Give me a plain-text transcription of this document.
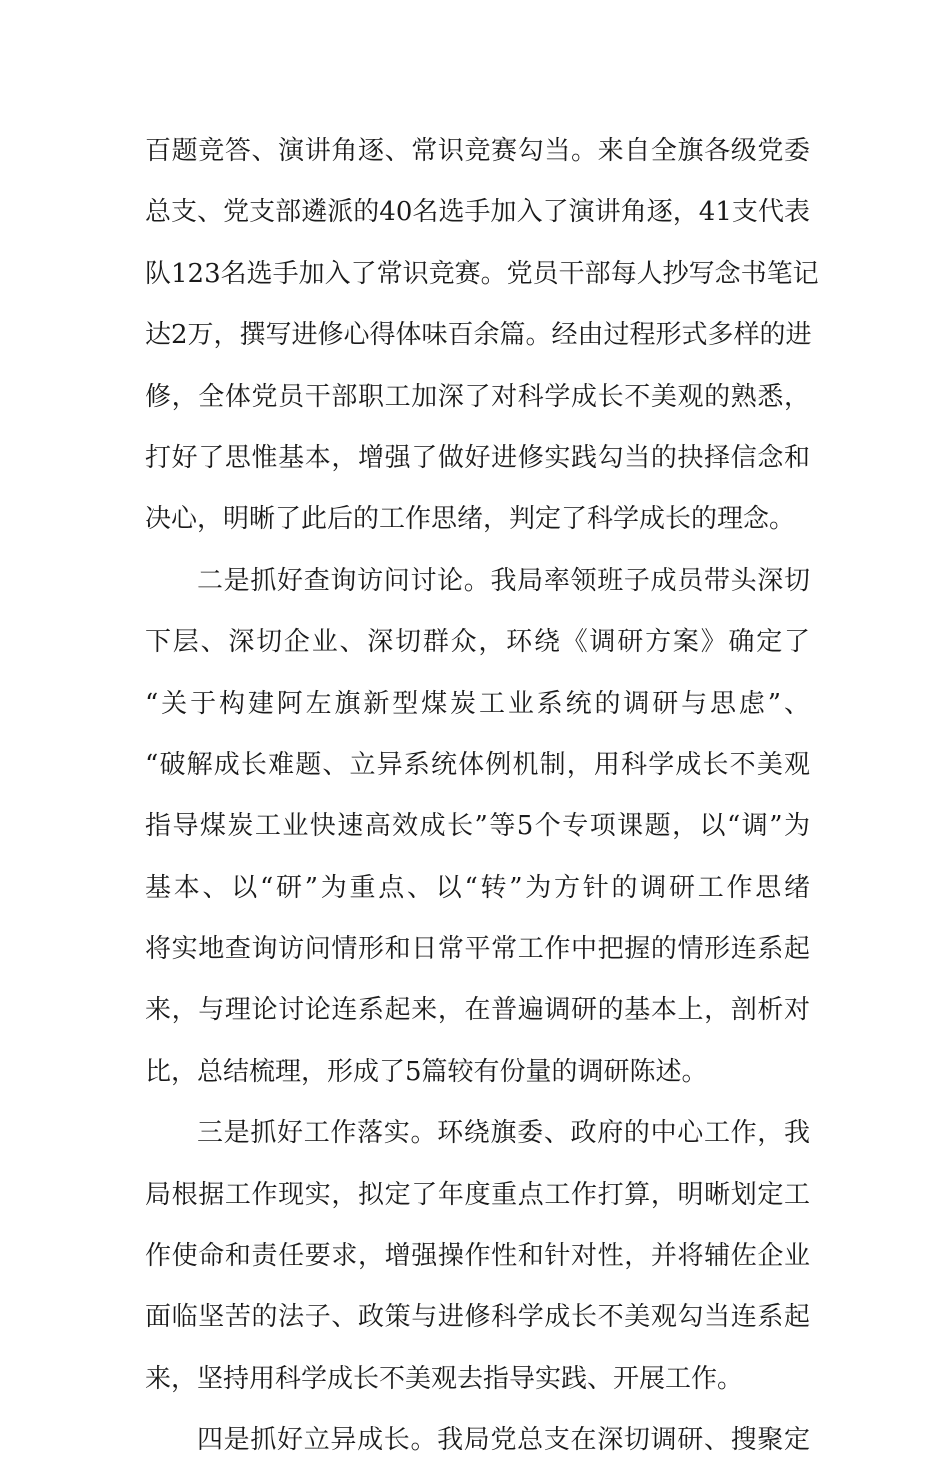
百题竞答、演讲角逐、常识竞赛勾当。来自全旗各级党委
总支、党支部遴派的40名选手加入了演讲角逐，41支代表
队123名选手加入了常识竞赛。党员干部每人抄写念书笔记
达2万，撰写进修心得体味百余篇。经由过程形式多样的进
修，全体党员干部职工加深了对科学成长不美观的熟悉，
打好了思惟基本，增强了做好进修实践勾当的抉择信念和
决心，明晰了此后的工作思绪，判定了科学成长的理念。
二是抓好查询访问讨论。我局率领班子成员带头深切
下层、深切企业、深切群众，环绕《调研方案》确定了
“关于构建阿左旗新型煤炭工业系统的调研与思虑”、
“破解成长难题、立异系统体例机制，用科学成长不美观
指导煤炭工业快速高效成长”等5个专项课题，以“调”为
基本、以“研”为重点、以“转”为方针的调研工作思绪
将实地查询访问情形和日常平常工作中把握的情形连系起
来，与理论讨论连系起来，在普遍调研的基本上，剖析对
比，总结梳理，形成了5篇较有份量的调研陈述。
三是抓好工作落实。环绕旗委、政府的中心工作，我
局根据工作现实，拟定了年度重点工作打算，明晰划定工
作使命和责任要求，增强操作性和针对性，并将辅佐企业
面临坚苦的法子、政策与进修科学成长不美观勾当连系起
来，坚持用科学成长不美观去指导实践、开展工作。
四是抓好立异成长。我局党总支在深切调研、搜聚定
